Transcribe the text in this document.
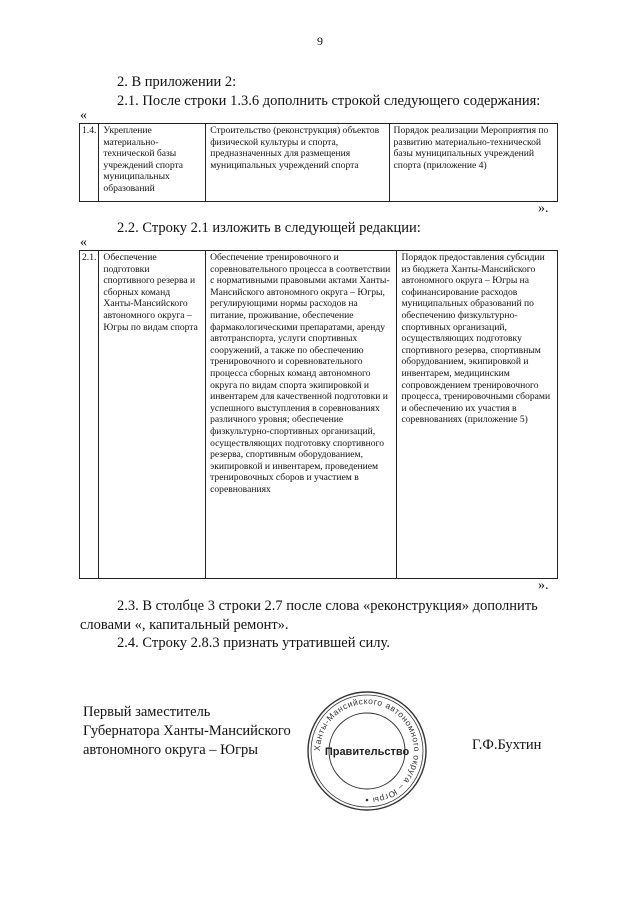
9
2. В приложении 2:
2.1. После строки 1.3.6 дополнить строкой следующего содержания:
«
1.4.	Укрепление материально-технической базы учреждений спорта муниципальных образований	Строительство (реконструкция) объектов физической культуры и спорта, предназначенных для размещения муниципальных учреждений спорта	Порядок реализации Мероприятия по развитию материально-технической базы муниципальных учреждений спорта (приложение 4)
».
2.2. Строку 2.1 изложить в следующей редакции:
«
2.1.	Обеспечение подготовки спортивного резерва и сборных команд Ханты-Мансийского автономного округа – Югры по видам спорта	Обеспечение тренировочного и соревновательного процесса в соответствии с нормативными правовыми актами Ханты-Мансийского автономного округа – Югры, регулирующими нормы расходов на питание, проживание, обеспечение фармакологическими препаратами, аренду автотранспорта, услуги спортивных сооружений, а также по обеспечению тренировочного и соревновательного процесса сборных команд автономного округа по видам спорта экипировкой и инвентарем для качественной подготовки и успешного выступления в соревнованиях различного уровня; обеспечение физкультурно-спортивных организаций, осуществляющих подготовку спортивного резерва, спортивным оборудованием, экипировкой и инвентарем, проведением тренировочных сборов и участием в соревнованиях	Порядок предоставления субсидии из бюджета Ханты-Мансийского автономного округа – Югры на софинансирование расходов муниципальных образований по обеспечению физкультурно-спортивных организаций, осуществляющих подготовку спортивного резерва, спортивным оборудованием, экипировкой и инвентарем, медицинским сопровождением тренировочного процесса, тренировочными сборами и обеспечению их участия в соревнованиях (приложение 5)
».
2.3. В столбце 3 строки 2.7 после слова «реконструкция» дополнить
словами «, капитальный ремонт».
2.4. Строку 2.8.3 признать утратившей силу.
Первый заместитель
Губернатора Ханты-Мансийского
автономного округа – Югры	Ханты-Мансийского автономного округа – Югры
Правительство	Г.Ф.Бухтин
